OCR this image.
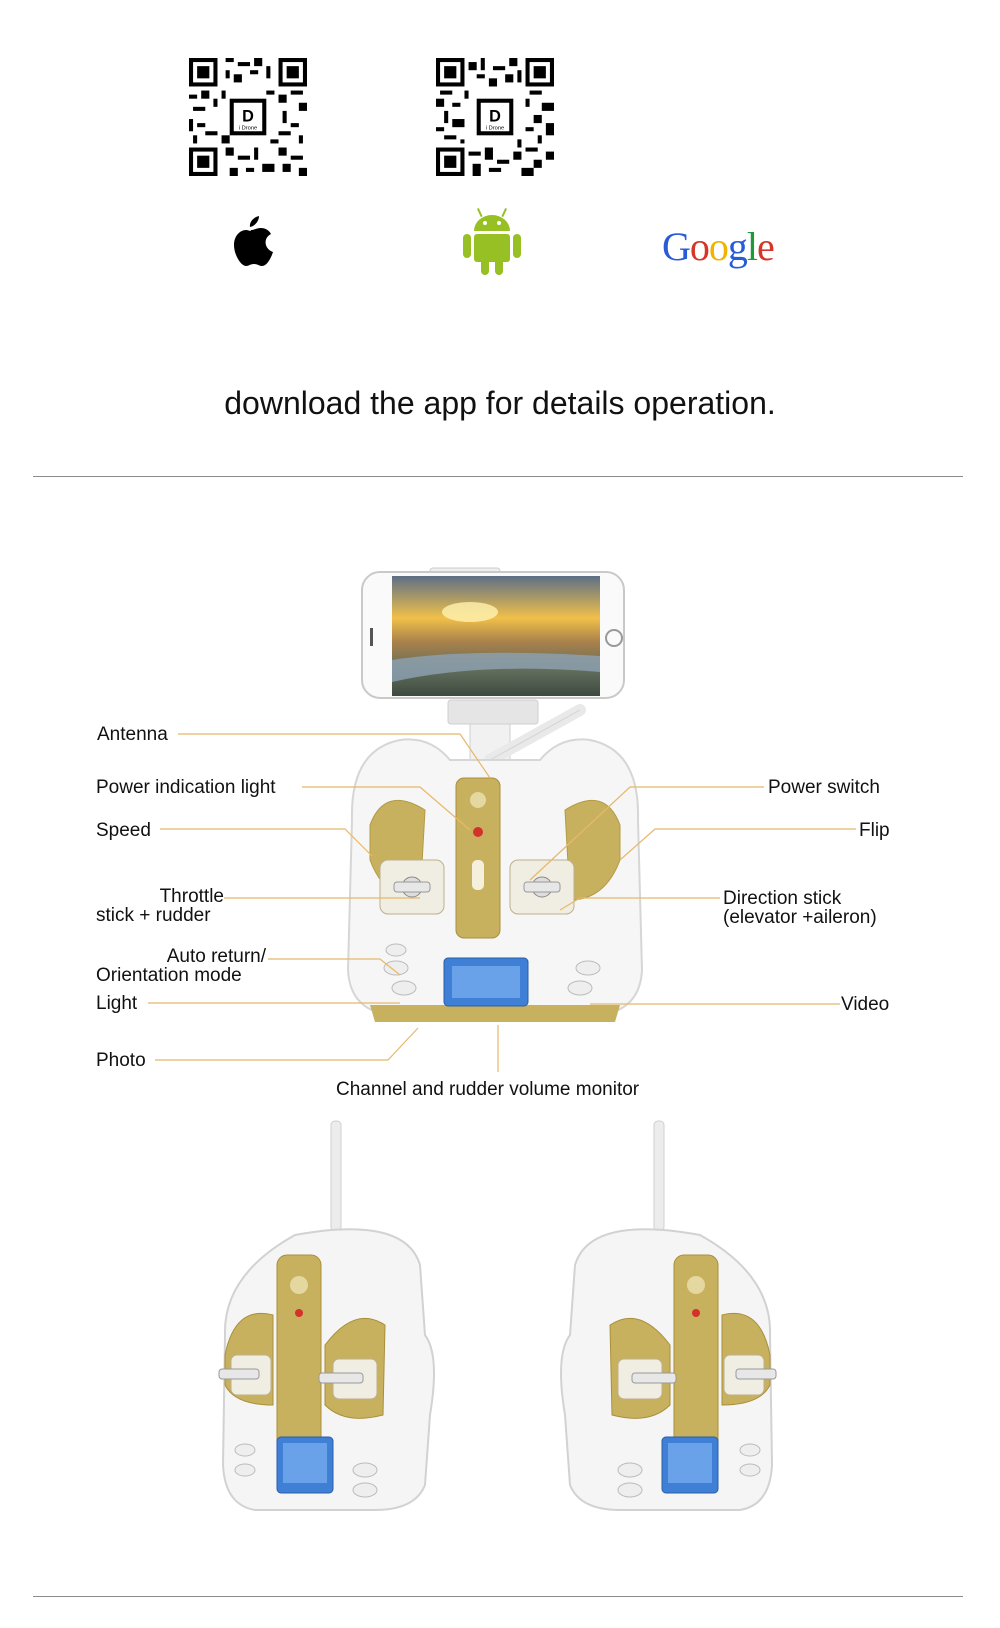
D
i Drone
D
i Drone
Google
download the app for details operation.
Antenna
Power indication light
Speed
Throttle
stick + rudder
Auto return/
Orientation mode
Light
Photo
Power switch
Flip
Direction stick
(elevator +aileron)
Video
Channel and rudder volume monitor
